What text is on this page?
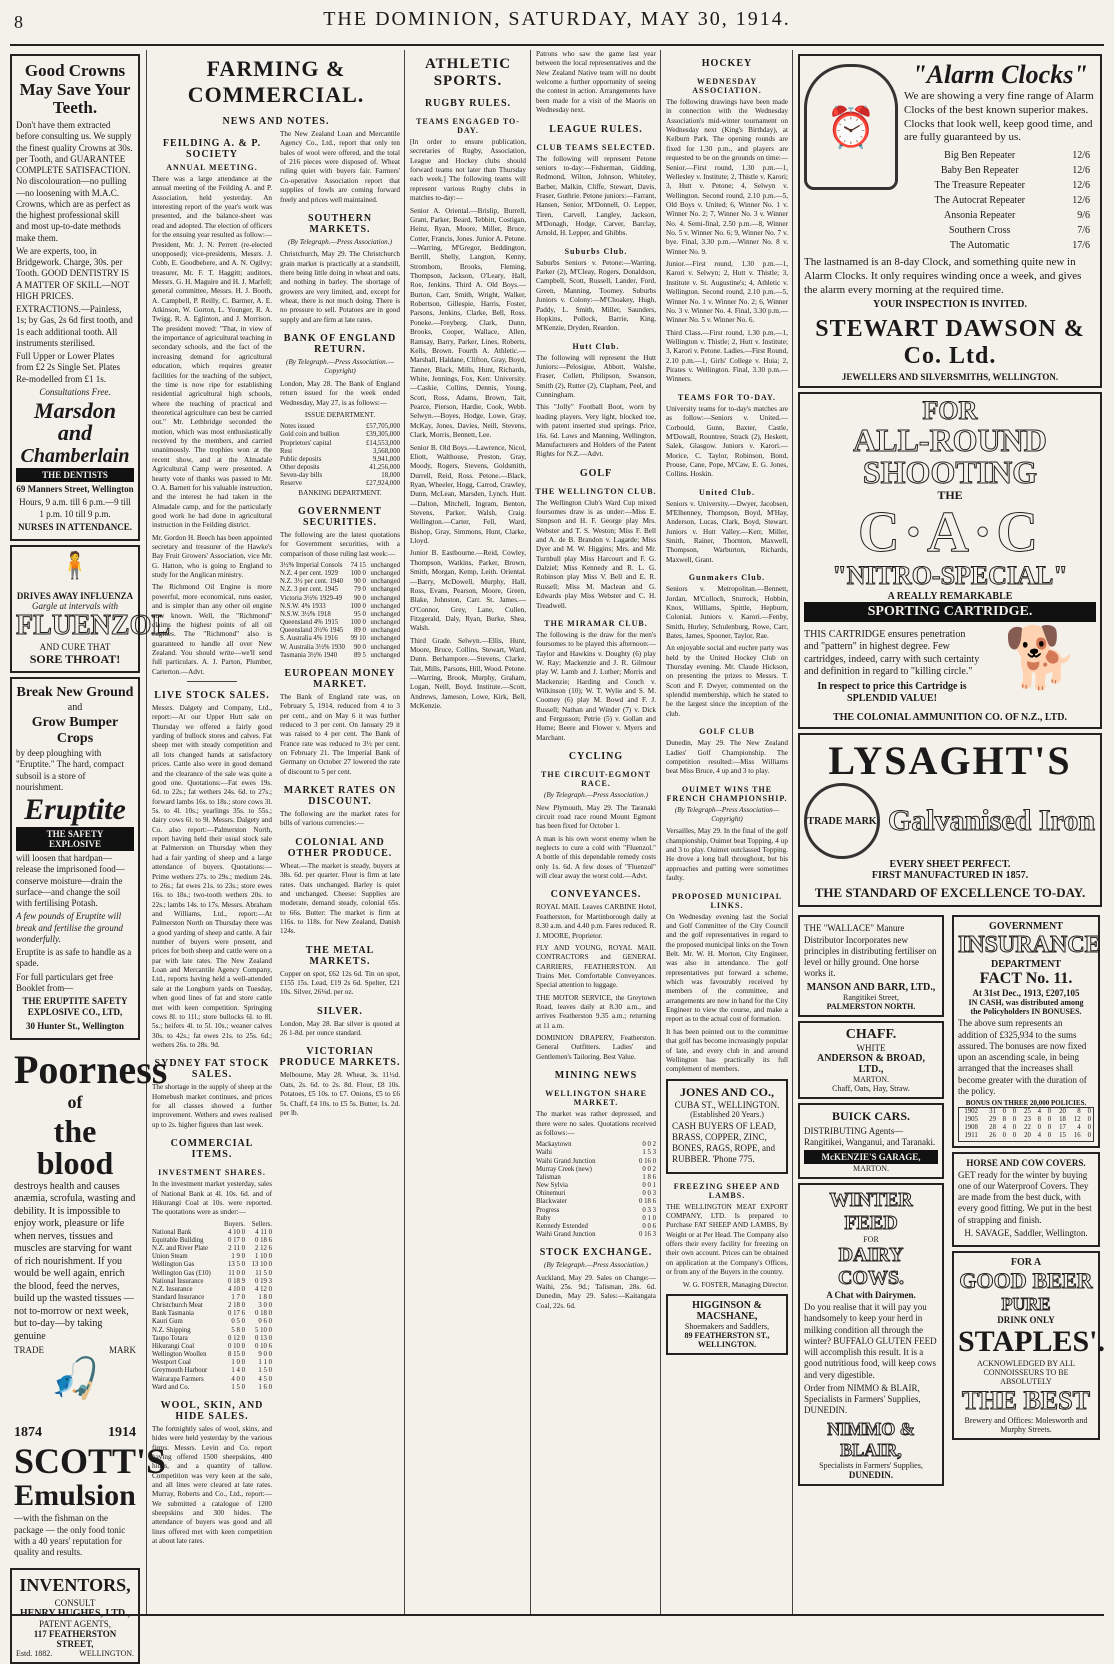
8	THE DOMINION, SATURDAY, MAY 30, 1914.
Good Crowns May Save Your Teeth.

Don't have them extracted before consulting us. We supply the finest quality Crowns at 30s. per Tooth, and GUARANTEE COMPLETE SATISFACTION. No discolouration—no pulling—no loosening with M.A.C. Crowns, which are as perfect as the highest professional skill and most up-to-date methods make them.

We are experts, too, in Bridgework. Charge, 30s. per Tooth. GOOD DENTISTRY IS A MATTER OF SKILL—NOT HIGH PRICES.

EXTRACTIONS.—Painless, 1s; by Gas, 2s 6d first tooth, and 1s each additional tooth. All instruments sterilised.

Full Upper or Lower Plates from £2 2s Single Set. Plates Re-modelled from £1 1s.

Consultations Free.

Marsdon and
Chamberlain
THE DENTISTS

69 Manners Street, Wellington

Hours, 9 a.m. till 6 p.m.—9 till 1 p.m. 10 till 9 p.m.

NURSES IN ATTENDANCE.

🧍
DRIVES AWAY INFLUENZA
Gargle at intervals with
FLUENZOL
AND CURE THAT
SORE THROAT!
Break New Ground
and
Grow Bumper Crops

by deep ploughing with "Eruptite." The hard, compact subsoil is a store of nourishment.

Eruptite
THE SAFETY EXPLOSIVE

will loosen that hardpan—release the imprisoned food—conserve moisture—drain the surface—and change the soil with fertilising Potash.

A few pounds of Eruptite will break and fertilise the ground wonderfully.

Eruptite is as safe to handle as a spade.

For full particulars get free Booklet from—

THE ERUPTITE SAFETY EXPLOSIVE CO., LTD,

30 Hunter St., Wellington

Poorness
of
the blood

destroys health and causes anæmia, scrofula, wasting and debility. It is impossible to enjoy work, pleasure or life when nerves, tissues and muscles are starving for want of rich nourishment. If you would be well again, enrich the blood, feed the nerves, build up the wasted tissues — not to-morrow or next week, but to-day—by taking genuine

TRADE	MARK
🎣
1874	1914
SCOTT'S
Emulsion

—with the fishman on the package — the only food tonic with a 40 years' reputation for quality and results.

INVENTORS,
CONSULT
HENRY HUGHES, LTD.,
PATENT AGENTS,
117 FEATHERSTON STREET,
Estd. 1882.	WELLINGTON.
FARMING & COMMERCIAL.
NEWS AND NOTES.
FEILDING A. & P. SOCIETY
ANNUAL MEETING.
There was a large attendance at the annual meeting of the Feilding A. and P. Association, held yesterday. An interesting report of the year's work was presented, and the balance-sheet was read and adopted. The election of officers for the ensuing year resulted as follow:—President, Mr. J. N. Perrett (re-elected unopposed); vice-presidents, Messrs. J. Cobb, E. Goodbehere, and A. N. Ogilvy; treasurer, Mr. F. T. Haggitt; auditors, Messrs. G. H. Maguire and H. J. Marfell; general committee, Messrs. H. J. Booth, A. Campbell, P. Reilly, C. Barmer, A. E. Atkinson, W. Gorton, L. Younger, R. A. Twigg, R. A. Eglinton, and J. Morrison. The president moved: "That, in view of the importance of agricultural teaching in secondary schools, and the fact of the increasing demand for agricultural education, which requires greater facilities for the teaching of the subject, the time is now ripe for establishing residential agricultural high schools, where the teaching of practical and theoretical agriculture can best be carried out." Mr. Lethbridge seconded the motion, which was most enthusiastically received by the members, and carried unanimously. The trophies won at the recent show, and at the Almadale Agricultural Camp were presented. A hearty vote of thanks was passed to Mr. O. A. Barnett for his valuable instruction, and the interest he had taken in the Almadale camp, and for the particularly good work he had done in agricultural instruction in the Feilding district.
Mr. Gordon H. Beech has been appointed secretary and treasurer of the Hawke's Bay Fruit Growers' Association, vice Mr. G. Hatton, who is going to England to study for the Anglican ministry.
The Richmond Oil Engine is more powerful, more economical, runs easier, and is simpler than any other oil engine now known. Well, the "Richmond" claims the highest points of all oil engines. The "Richmond" also is guaranteed to handle all over New Zealand. You should write—we'll send full particulars. A. J. Parton, Plumber, Carterton.—Advt.
LIVE STOCK SALES.
Messrs. Dalgety and Company, Ltd., report:—At our Upper Hutt sale on Thursday we offered a fairly good yarding of bullock stores and calves. Fat sheep met with steady competition and all lots changed hands at satisfactory prices. Cattle also were in good demand and the clearance of the sale was quite a good one. Quotations:—Fat ewes 19s. 6d. to 22s.; fat wethers 24s. 6d. to 27s.; forward lambs 16s. to 18s.; store cows 3l. 5s. to 4l. 10s.; yearlings 35s. to 55s.; dairy cows 6l. to 9l. Messrs. Dalgety and Co. also report:—Palmerston North, report having held their usual stock sale at Palmerston on Thursday when they had a fair yarding of sheep and a large attendance of buyers. Quotations:—Prime wethers 27s. to 29s.; medium 24s. to 26s.; fat ewes 21s. to 23s.; store ewes 16s. to 18s.; two-tooth wethers 20s. to 22s.; lambs 14s. to 17s. Messrs. Abraham and Williams, Ltd., report:—At Palmerston North on Thursday there was a good yarding of sheep and cattle. A fair number of buyers were present, and prices for both sheep and cattle were on a par with late rates. The New Zealand Loan and Mercantile Agency Company, Ltd., reports having held a well-attended sale at the Longburn yards on Tuesday, when good lines of fat and store cattle met with keen competition. Springing cows 8l. to 11l.; store bullocks 6l. to 8l. 5s.; heifers 4l. to 5l. 10s.; weaner calves 30s. to 42s.; fat ewes 21s. to 25s. 6d.; wethers 26s. to 28s. 9d.
SYDNEY FAT STOCK SALES.
The shortage in the supply of sheep at the Homebush market continues, and prices for all classes showed a further improvement. Wethers and ewes realised up to 2s. higher figures than last week.
COMMERCIAL ITEMS.
INVESTMENT SHARES.
In the investment market yesterday, sales of National Bank at 4l. 10s. 6d. and of Hikurangi Coal at 10s. were reported. The quotations were as under:—
	Buyers.	Sellers.
National Bank	4 10 0	4 11 0
Equitable Building	0 17 0	0 18 6
N.Z. and River Plate	2 11 0	2 12 6
Union Steam	1 9 0	1 10 0
Wellington Gas	13 5 0	13 10 0
Wellington Gas (£10)	11 0 0	11 5 0
National Insurance	0 18 9	0 19 3
N.Z. Insurance	4 10 0	4 12 0
Standard Insurance	1 7 0	1 8 0
Christchurch Meat	2 18 0	3 0 0
Bank Tasmania	0 17 6	0 18 0
Kauri Gum	0 5 0	0 6 0
N.Z. Shipping	5 8 0	5 10 0
Taupo Totara	0 12 0	0 13 0
Hikurangi Coal	0 10 0	0 10 6
Wellington Woollen	8 15 0	9 0 0
Westport Coal	1 0 0	1 1 0
Greymouth Harbour	1 4 0	1 5 0
Wairarapa Farmers	4 0 0	4 5 0
Ward and Co.	1 5 0	1 6 0
WOOL, SKIN, AND HIDE SALES.
The fortnightly sales of wool, skins, and hides were held yesterday by the various firms. Messrs. Levin and Co. report having offered 1500 sheepskins, 400 hides, and a quantity of tallow. Competition was very keen at the sale, and all lines were cleared at late rates. Murray, Roberts and Co., Ltd., report:—We submitted a catalogue of 1200 sheepskins and 300 hides. The attendance of buyers was good and all lines offered met with keen competition at about late rates.
The New Zealand Loan and Mercantile Agency Co., Ltd., report that only ten bales of wool were offered, and the total of 216 pieces were disposed of. Wheat ruling quiet with buyers fair. Farmers' Co-operative Association report that supplies of fowls are coming forward freely and prices well maintained.
SOUTHERN MARKETS.
(By Telegraph.—Press Association.)
Christchurch, May 29. The Christchurch grain market is practically at a standstill, there being little doing in wheat and oats, and nothing in barley. The shortage of growers are very limited, and, except for wheat, there is not much doing. There is no pressure to sell. Potatoes are in good supply and are firm at late rates.
BANK OF ENGLAND RETURN.
(By Telegraph.—Press Association.—Copyright)
London, May 28. The Bank of England return issued for the week ended Wednesday, May 27, is as follows:—
ISSUE DEPARTMENT.
Notes issued	£57,705,000
Gold coin and bullion	£39,305,000
Proprietors' capital	£14,553,000
Rest	3,568,000
Public deposits	9,941,000
Other deposits	41,256,000
Seven-day bills	18,000
Reserve	£27,924,000
BANKING DEPARTMENT.
GOVERNMENT SECURITIES.
The following are the latest quotations for Government securities, with a comparison of those ruling last week:—
3½% Imperial Consols	74 15	unchanged
N.Z. 4 per cent. 1929	100 0	unchanged
N.Z. 3½ per cent. 1940	90 0	unchanged
N.Z. 3 per cent. 1945	79 0	unchanged
Victoria 3½% 1929-49	90 0	unchanged
N.S.W. 4% 1933	100 0	unchanged
N.S.W. 3½% 1918	95 0	unchanged
Queensland 4% 1915	100 0	unchanged
Queensland 3½% 1945	89 0	unchanged
S. Australia 4% 1916	99 10	unchanged
W. Australia 3½% 1930	90 0	unchanged
Tasmania 3½% 1940	89 5	unchanged
EUROPEAN MONEY MARKET.
The Bank of England rate was, on February 5, 1914, reduced from 4 to 3 per cent., and on May 6 it was further reduced to 3 per cent. On January 29 it was raised to 4 per cent. The Bank of France rate was reduced to 3½ per cent. on February 21. The Imperial Bank of Germany on October 27 lowered the rate of discount to 5 per cent.
MARKET RATES ON DISCOUNT.
The following are the market rates for bills of various currencies:—
COLONIAL AND OTHER PRODUCE.
Wheat.—The market is steady, buyers at 38s. 6d. per quarter. Flour is firm at late rates. Oats unchanged. Barley is quiet and unchanged. Cheese: Supplies are moderate, demand steady, colonial 65s. to 66s. Butter: The market is firm at 116s. to 118s. for New Zealand, Danish 124s.
THE METAL MARKETS.
Copper on spot, £62 12s 6d. Tin on spot, £155 15s. Lead, £19 2s 6d. Spelter, £21 10s. Silver, 26⅛d. per oz.
SILVER.
London, May 28. Bar silver is quoted at 26 1-8d. per ounce standard.
VICTORIAN PRODUCE MARKETS.
Melbourne, May 28. Wheat, 3s. 11½d. Oats, 2s. 6d. to 2s. 8d. Flour, £8 10s. Potatoes, £5 10s. to £7. Onions, £5 to £6 5s. Chaff, £4 10s. to £5 5s. Butter, 1s. 2d. per lb.
ATHLETIC SPORTS.
RUGBY RULES.
TEAMS ENGAGED TO-DAY.
[In order to ensure publication, secretaries of Rugby, Association, League and Hockey clubs should forward teams not later than Thursday each week.] The following teams will represent various Rugby clubs in matches to-day:—
Senior A. Oriental.—Brislip, Burrell, Grant, Parker, Beard, Tebbitt, Costigan, Heinz, Ryan, Moore, Miller, Bruce, Cotter, Francis, Jones. Junior A. Petone.—Warring, M'Gregor, Beddington, Berrill, Shelly, Langton, Kenny, Strombom, Brooks, Fleming, Thompson, Jackson, O'Leary, Hall, Roe, Jenkins. Third A. Old Boys.—Burton, Carr, Smith, Wright, Walker, Robertson, Gillespie, Harris, Foster, Parsons, Jenkins, Clarke, Bell, Ross. Poneke.—Freyberg, Clark, Dunn, Brooks, Cooper, Wallace, Allen, Ramsay, Barry, Parker, Lines, Roberts, Kells, Brown. Fourth A. Athletic.—Marshall, Haldane, Clifton, Gray, Boyd, Tanner, Black, Mills, Hunt, Richards, White, Jennings, Fox, Kerr. University.—Caskie, Collins, Dennis, Young, Scott, Ross, Adams, Brown, Tait, Pearce, Pierson, Hardie, Cook, Webb. Selwyn.—Boyes, Hodge, Lowe, Gray, McKay, Jones, Davies, Neill, Stevens, Clark, Morris, Bennett, Lee.
Senior B. Old Boys.—Lawrence, Nicol, Eliott, Walthouse, Preston, Gray, Moody, Rogers, Stevens, Goldsmith, Durrell, Reid, Ross. Petone.—Black, Ryan, Wheeler, Hogg, Carrod, Crawley, Dunn, McLean, Marsden, Lynch. Hutt.—Dalton, Mitchell, Ingram, Benton, Stevens, Parker, Walsh, Craig. Wellington.—Carter, Fell, Ward, Bishop, Gray, Simmons, Hunt, Clarke, Lloyd.
Junior B. Eastbourne.—Reid, Cowley, Thompson, Watkins, Parker, Brown, Smith, Morgan, Kemp, Leith. Oriental.—Barry, McDowell, Murphy, Hall, Ross, Evans, Pearson, Moore, Green, Blake, Johnston, Carr. St. James.—O'Connor, Grey, Lane, Cullen, Fitzgerald, Daly, Ryan, Burke, Shea, Walsh.
Third Grade. Selwyn.—Ellis, Hunt, Moore, Bruce, Collins, Stewart, Ward, Dunn. Berhampore.—Stevens, Clarke, Tait, Mills, Parsons, Hill, Wood. Petone.—Warring, Brook, Murphy, Graham, Logan, Neill, Boyd. Institute.—Scott, Andrews, Jameson, Lowe, Kirk, Bell, McKenzie.
Patrons who saw the game last year between the local representatives and the New Zealand Native team will no doubt welcome a further opportunity of seeing the contest in action. Arrangements have been made for a visit of the Maoris on Wednesday next.
LEAGUE RULES.
CLUB TEAMS SELECTED.
The following will represent Petone seniors to-day:—Fisherman, Gidding, Redmond, Wilton, Johnson, Whiteley, Barber, Malkin, Cliffe, Stewart, Davis, Fraser, Guthrie. Petone juniors:—Farrant, Hansen, Senior, M'Donnell, O. Lepper, Tiren, Carvell, Langley, Jackson, M'Donagh, Hodge, Carver, Barclay, Arnold, H. Lepper, and Ghibbs.
Suburbs Club.
Suburbs Seniors v. Petone:—Warring, Parker (2), M'Cleay, Rogers, Donaldson, Campbell, Scott, Russell, Lander, Ford, Green, Manning, Toomey. Suburbs Juniors v. Colony:—M'Choakey, Hugh, Paddy, L. Smith, Miller, Saunders, Hopkins, Pollock, Barrie, King, M'Kenzie, Dryden, Reardon.
Hutt Club.
The following will represent the Hutt Juniors:—Pelosigue, Abbott, Walshe, Fraser, Collett, Philipson, Swanson, Smith (2), Rutter (2), Clapham, Peel, and Cunningham.
This "Jolly" Football Boot, worn by leading players. Very light, blocked toe, with patent inserted stud springs. Price, 16s. 6d. Laws and Manning, Wellington, Manufacturers and Holders of the Patent Rights for N.Z.—Advt.
GOLF
THE WELLINGTON CLUB.
The Wellington Club's Ward Cup mixed foursomes draw is as under:—Miss E. Simpson and H. F. George play Mrs. Webster and T. S. Weston; Miss F. Bell and A. de B. Brandon v. Lagarde; Miss Dyer and M. W. Higgins; Mrs. and Mr. Turnbull play Miss Harcourt and F. G. Dalziel; Miss Kennedy and R. L. G. Robinson play Miss V. Bell and E. R. Russell; Miss M. Maclean and G. Edwards play Miss Webster and C. H. Treadwell.
THE MIRAMAR CLUB.
The following is the draw for the men's foursomes to be played this afternoon:—Taylor and Hawkins v. Doughty (6) play W. Ray; Mackenzie and J. R. Gilmour play W. Lamb and J. Luther; Morris and Mackenzie; Harding and Couch v. Wilkinson (10); W. T. Wylie and S. M. Coomey (6) play M. Bowd and F. J. Russell; Nathan and Winder (7) v. Dick and Fergusson; Petrie (5) v. Gollan and Hume; Beere and Flower v. Myers and Marchant.
CYCLING
THE CIRCUIT-EGMONT RACE.
(By Telegraph.—Press Association.)
New Plymouth, May 29. The Taranaki circuit road race round Mount Egmont has been fixed for October 1.
A man is his own worst enemy when he neglects to cure a cold with "Fluenzol." A bottle of this dependable remedy costs only 1s. 6d. A few doses of "Fluenzol" will clear away the worst cold.—Advt.
CONVEYANCES.
ROYAL MAIL Leaves CARBINE Hotel, Featherston, for Martinborough daily at 8.30 a.m. and 4.40 p.m. Fares reduced. R. J. MOORE, Proprietor.
FLY AND YOUNG, ROYAL MAIL CONTRACTORS and GENERAL CARRIERS, FEATHERSTON. All Trains Met. Comfortable Conveyances. Special attention to luggage.
THE MOTOR SERVICE, the Greytown Road, leaves daily at 8.30 a.m., and arrives Featherston 9.35 a.m.; returning at 11 a.m.
DOMINION DRAPERY, Featherston. General Outfitters. Ladies' and Gentlemen's Tailoring. Best Value.
MINING NEWS
WELLINGTON SHARE MARKET.
The market was rather depressed, and there were no sales. Quotations received as follows:—
Mackaytown	0 0 2
Waihi	1 5 3
Waihi Grand Junction	0 16 0
Murray Creek (new)	0 0 2
Talisman	1 8 6
New Sylvia	0 0 1
Ohinemuri	0 0 3
Blackwater	0 18 6
Progress	0 3 3
Ruby	0 1 0
Kennedy Extended	0 0 6
Waihi Grand Junction	0 16 3
STOCK EXCHANGE.
(By Telegraph.—Press Association.)
Auckland, May 29. Sales on Change:—Waihi, 25s. 9d.; Talisman, 28s. 6d. Dunedin, May 29. Sales:—Kaitangata Coal, 22s. 6d.
HOCKEY
WEDNESDAY ASSOCIATION.
The following drawings have been made in connection with the Wednesday Association's mid-winter tournament on Wednesday next (King's Birthday), at Kelburn Park. The opening rounds are fixed for 1.30 p.m., and players are requested to be on the grounds on time:—Senior.—First round, 1.30 p.m.—1, Wellesley v. Institute; 2, Thistle v. Karori; 3, Hutt v. Petone; 4, Selwyn v. Wellington. Second round, 2.10 p.m.—5, Old Boys v. United; 6, Winner No. 1 v. Winner No. 2; 7, Winner No. 3 v. Winner No. 4. Semi-final, 2.50 p.m.—8, Winner No. 5 v. Winner No. 6; 9, Winner No. 7 v. bye. Final, 3.30 p.m.—Winner No. 8 v. Winner No. 9.
Junior.—First round, 1.30 p.m.—1, Karori v. Selwyn; 2, Hutt v. Thistle; 3, Institute v. St. Augustine's; 4, Athletic v. Wellington. Second round, 2.10 p.m.—5, Winner No. 1 v. Winner No. 2; 6, Winner No. 3 v. Winner No. 4. Final, 3.30 p.m.—Winner No. 5 v. Winner No. 6.
Third Class.—First round, 1.30 p.m.—1, Wellington v. Thistle; 2, Hutt v. Institute; 3, Karori v. Petone. Ladies.—First Round, 2.10 p.m.—1, Girls' College v. Huia; 2, Pirates v. Wellington. Final, 3.30 p.m.—Winners.
TEAMS FOR TO-DAY.
University teams for to-day's matches are as follow:—Seniors v. United.—Corbould, Gunn, Baxter, Castle, M'Dowall, Rountree, Strack (2), Heskett, Salek, Glasgow. Juniors v. Karori.—Morice, C. Taylor, Robinson, Bond, Prouse, Cane, Pope, M'Caw, E. G. Jones, Collins. Hoskin.
United Club.
Seniors v. University.—Dwyer, Jacobsen, M'Elhenney, Thompson, Boyd, M'Hay, Anderson, Lucas, Clark, Boyd, Stewart. Juniors v. Hutt Valley.—Kerr, Miller, Smith, Rainer, Thornton, Maxwell, Thompson, Warburton, Richards, Maxwell, Grant.
Gunmakers Club.
Seniors v. Metropolitan.—Bennett, Jordan, M'Culloch, Sturrock, Hobbin, Knox, Williams, Spittle, Hepburn, Colonial. Juniors v. Karori.—Fenby, Smith, Hurley, Schulenburg, Rowe, Carr, Bates, James, Spooner, Taylor, Rae.
An enjoyable social and euchre party was held by the United Hockey Club on Thursday evening. Mr. Claude Hickson, on presenting the prizes to Messrs. T. Scott and F. Dwyer, commented on the splendid membership, which he stated to be the largest since the inception of the club.
GOLF CLUB
Dunedin, May 29. The New Zealand Ladies' Golf Championship. The competition resulted:—Miss Williams beat Miss Bruce, 4 up and 3 to play.
OUIMET WINS THE FRENCH CHAMPIONSHIP.
(By Telegraph—Press Association—Copyright)
Versailles, May 29. In the final of the golf championship, Ouimet beat Topping, 4 up and 3 to play. Ouimet outclassed Topping. He drove a long ball throughout, but his approaches and putting were sometimes faulty.
PROPOSED MUNICIPAL LINKS.
On Wednesday evening last the Social and Golf Committee of the City Council and the golf representatives in regard to the proposed municipal links on the Town Belt. Mr. W. H. Morton, City Engineer, was also in attendance. The golf representatives put forward a scheme, which was favourably received by members of the committee, and arrangements are now in hand for the City Engineer to view the course, and make a report as to the actual cost of formation.
It has been pointed out to the committee that golf has become increasingly popular of late, and every club in and around Wellington has practically its full complement of members.
JONES AND CO.,
CUBA ST., WELLINGTON.
(Established 20 Years.)

CASH BUYERS OF LEAD, BRASS, COPPER, ZINC, BONES, RAGS, ROPE, and RUBBER. 'Phone 775.

FREEZING SHEEP AND LAMBS.
THE WELLINGTON MEAT EXPORT COMPANY, LTD. Is prepared to Purchase FAT SHEEP AND LAMBS, By Weight or at Per Head. The Company also offers their every facility for freezing on their own account. Prices can be obtained on application at the Company's Offices, or from any of the Buyers in the country.
W. G. FOSTER, Managing Director.
HIGGINSON & MACSHANE,
Shoemakers and Saddlers,
89 FEATHERSTON ST., WELLINGTON.
⏰
"Alarm Clocks"

We are showing a very fine range of Alarm Clocks of the best known superior makes. Clocks that look well, keep good time, and are fully guaranteed by us.

Big Ben Repeater	12/6
Baby Ben Repeater	12/6
The Treasure Repeater	12/6
The Autocrat Repeater	12/6
Ansonia Repeater	9/6
Southern Cross	7/6
The Automatic	17/6

The lastnamed is an 8-day Clock, and something quite new in Alarm Clocks. It only requires winding once a week, and gives the alarm every morning at the required time.

YOUR INSPECTION IS INVITED.
STEWART DAWSON & Co. Ltd.
JEWELLERS AND SILVERSMITHS, WELLINGTON.
FOR
ALL-ROUND
SHOOTING
THE
C·A·C
"NITRO-SPECIAL"
A REALLY REMARKABLE
SPORTING CARTRIDGE.

THIS CARTRIDGE ensures penetration and "pattern" in highest degree. Few cartridges, indeed, carry with such certainty and definition in regard to "killing circle."

In respect to price this Cartridge is SPLENDID VALUE!

🐕
THE COLONIAL AMMUNITION CO. OF N.Z., LTD.
LYSAGHT'S
TRADE MARK Galvanised Iron
EVERY SHEET PERFECT.
FIRST MANUFACTURED IN 1857.
THE STANDARD OF EXCELLENCE TO-DAY.

THE "WALLACE" Manure Distributor Incorporates new principles in distributing fertiliser on level or hilly ground. One horse works it.

MANSON AND BARR, LTD.,
Rangitikei Street,
PALMERSTON NORTH.
CHAFF.
WHITE
ANDERSON & BROAD, LTD.,
MARTON.
Chaff, Oats, Hay, Straw.
BUICK CARS.

DISTRIBUTING Agents—Rangitikei, Wanganui, and Taranaki.

McKENZIE'S GARAGE,
MARTON.
WINTER FEED
FOR
DAIRY COWS.
A Chat with Dairymen.

Do you realise that it will pay you handsomely to keep your herd in milking condition all through the winter? BUFFALO GLUTEN FEED will accomplish this result. It is a good nutritious food, will keep cows and very digestible.

Order from NIMMO & BLAIR, Specialists in Farmers' Supplies, DUNEDIN.

NIMMO & BLAIR,
Specialists in Farmers' Supplies,
DUNEDIN.
GOVERNMENT
INSURANCE
DEPARTMENT
FACT No. 11.
At 31st Dec., 1913, £207,105
IN CASH, was distributed among
the Policyholders IN BONUSES.

The above sum represents an addition of £325,934 to the sums assured. The bonuses are now fixed upon an ascending scale, in being arranged that the increases shall become greater with the duration of the policy.

BONUS ON THREE 20,000 POLICIES.
1902	31	0	0	25	4	0	20	8	0
1905	29	8	0	23	8	0	18	12	0
1908	28	4	0	22	0	0	17	4	0
1911	26	0	0	20	4	0	15	16	0
HORSE AND COW COVERS.

GET ready for the winter by buying one of our Waterproof Covers. They are made from the best duck, with every good fitting. We put in the best of strapping and finish.

H. SAVAGE, Saddler, Wellington.

FOR A
GOOD BEER
PURE
DRINK ONLY
STAPLES'.
ACKNOWLEDGED BY ALL CONNOISSEURS TO BE ABSOLUTELY
THE BEST
Brewery and Offices: Molesworth and Murphy Streets.
